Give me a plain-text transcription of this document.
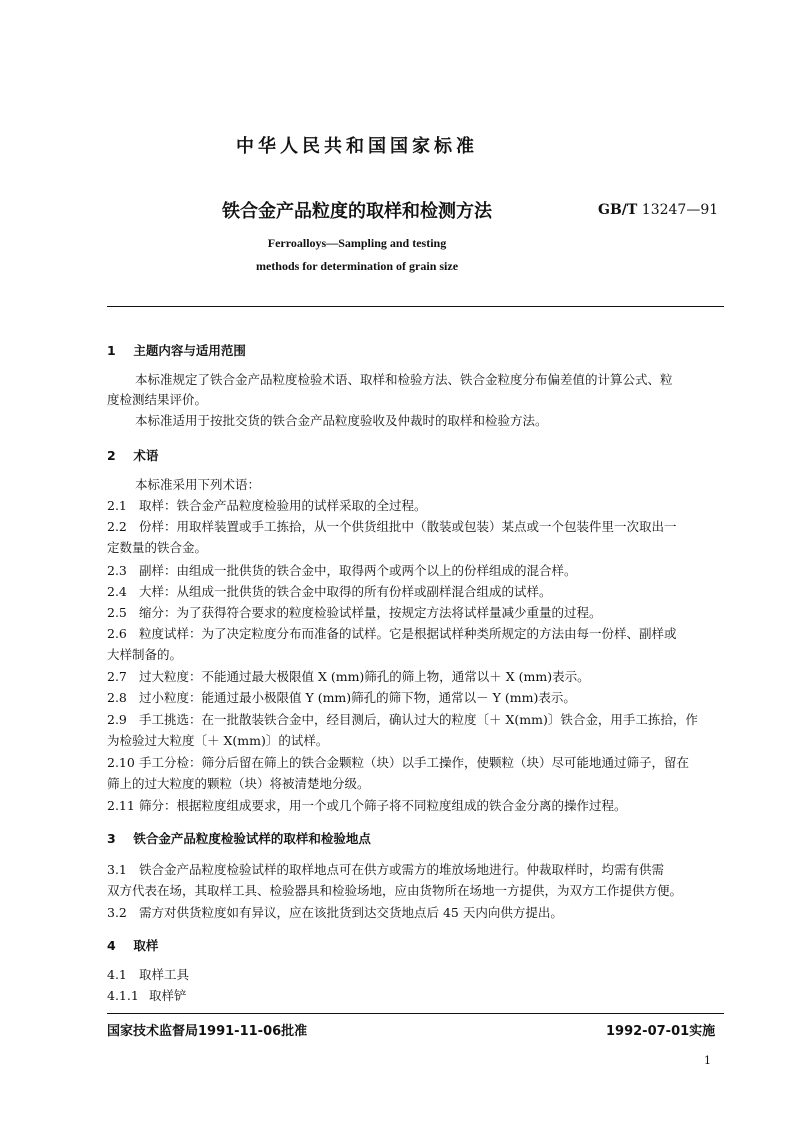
中华人民共和国国家标准
铁合金产品粒度的取样和检测方法	GB/T 13247—91
Ferroalloys—Sampling and testing
methods for determination of grain size
1 主题内容与适用范围
本标准规定了铁合金产品粒度检验术语、取样和检验方法、铁合金粒度分布偏差值的计算公式、粒
度检测结果评价。
本标准适用于按批交货的铁合金产品粒度验收及仲裁时的取样和检验方法。
2 术语
本标准采用下列术语：
2.1 取样：铁合金产品粒度检验用的试样采取的全过程。
2.2 份样：用取样装置或手工拣拾，从一个供货组批中（散装或包装）某点或一个包装件里一次取出一
定数量的铁合金。
2.3 副样：由组成一批供货的铁合金中，取得两个或两个以上的份样组成的混合样。
2.4 大样：从组成一批供货的铁合金中取得的所有份样或副样混合组成的试样。
2.5 缩分：为了获得符合要求的粒度检验试样量，按规定方法将试样量减少重量的过程。
2.6 粒度试样：为了决定粒度分布而准备的试样。它是根据试样种类所规定的方法由每一份样、副样或
大样制备的。
2.7 过大粒度：不能通过最大极限值 X (mm)筛孔的筛上物，通常以＋ X (mm)表示。
2.8 过小粒度：能通过最小极限值 Y (mm)筛孔的筛下物，通常以－ Y (mm)表示。
2.9 手工挑选：在一批散装铁合金中，经目测后，确认过大的粒度〔＋ X(mm)〕铁合金，用手工拣拾，作
为检验过大粒度〔＋ X(mm)〕的试样。
2.10 手工分检：筛分后留在筛上的铁合金颗粒（块）以手工操作，使颗粒（块）尽可能地通过筛子，留在
筛上的过大粒度的颗粒（块）将被清楚地分级。
2.11 筛分：根据粒度组成要求，用一个或几个筛子将不同粒度组成的铁合金分离的操作过程。
3 铁合金产品粒度检验试样的取样和检验地点
3.1 铁合金产品粒度检验试样的取样地点可在供方或需方的堆放场地进行。仲裁取样时，均需有供需
双方代表在场，其取样工具、检验器具和检验场地，应由货物所在场地一方提供，为双方工作提供方便。
3.2 需方对供货粒度如有异议，应在该批货到达交货地点后 45 天内向供方提出。
4 取样
4.1 取样工具
4.1.1 取样铲
国家技术监督局1991-11-06批准	1992-07-01实施
1
